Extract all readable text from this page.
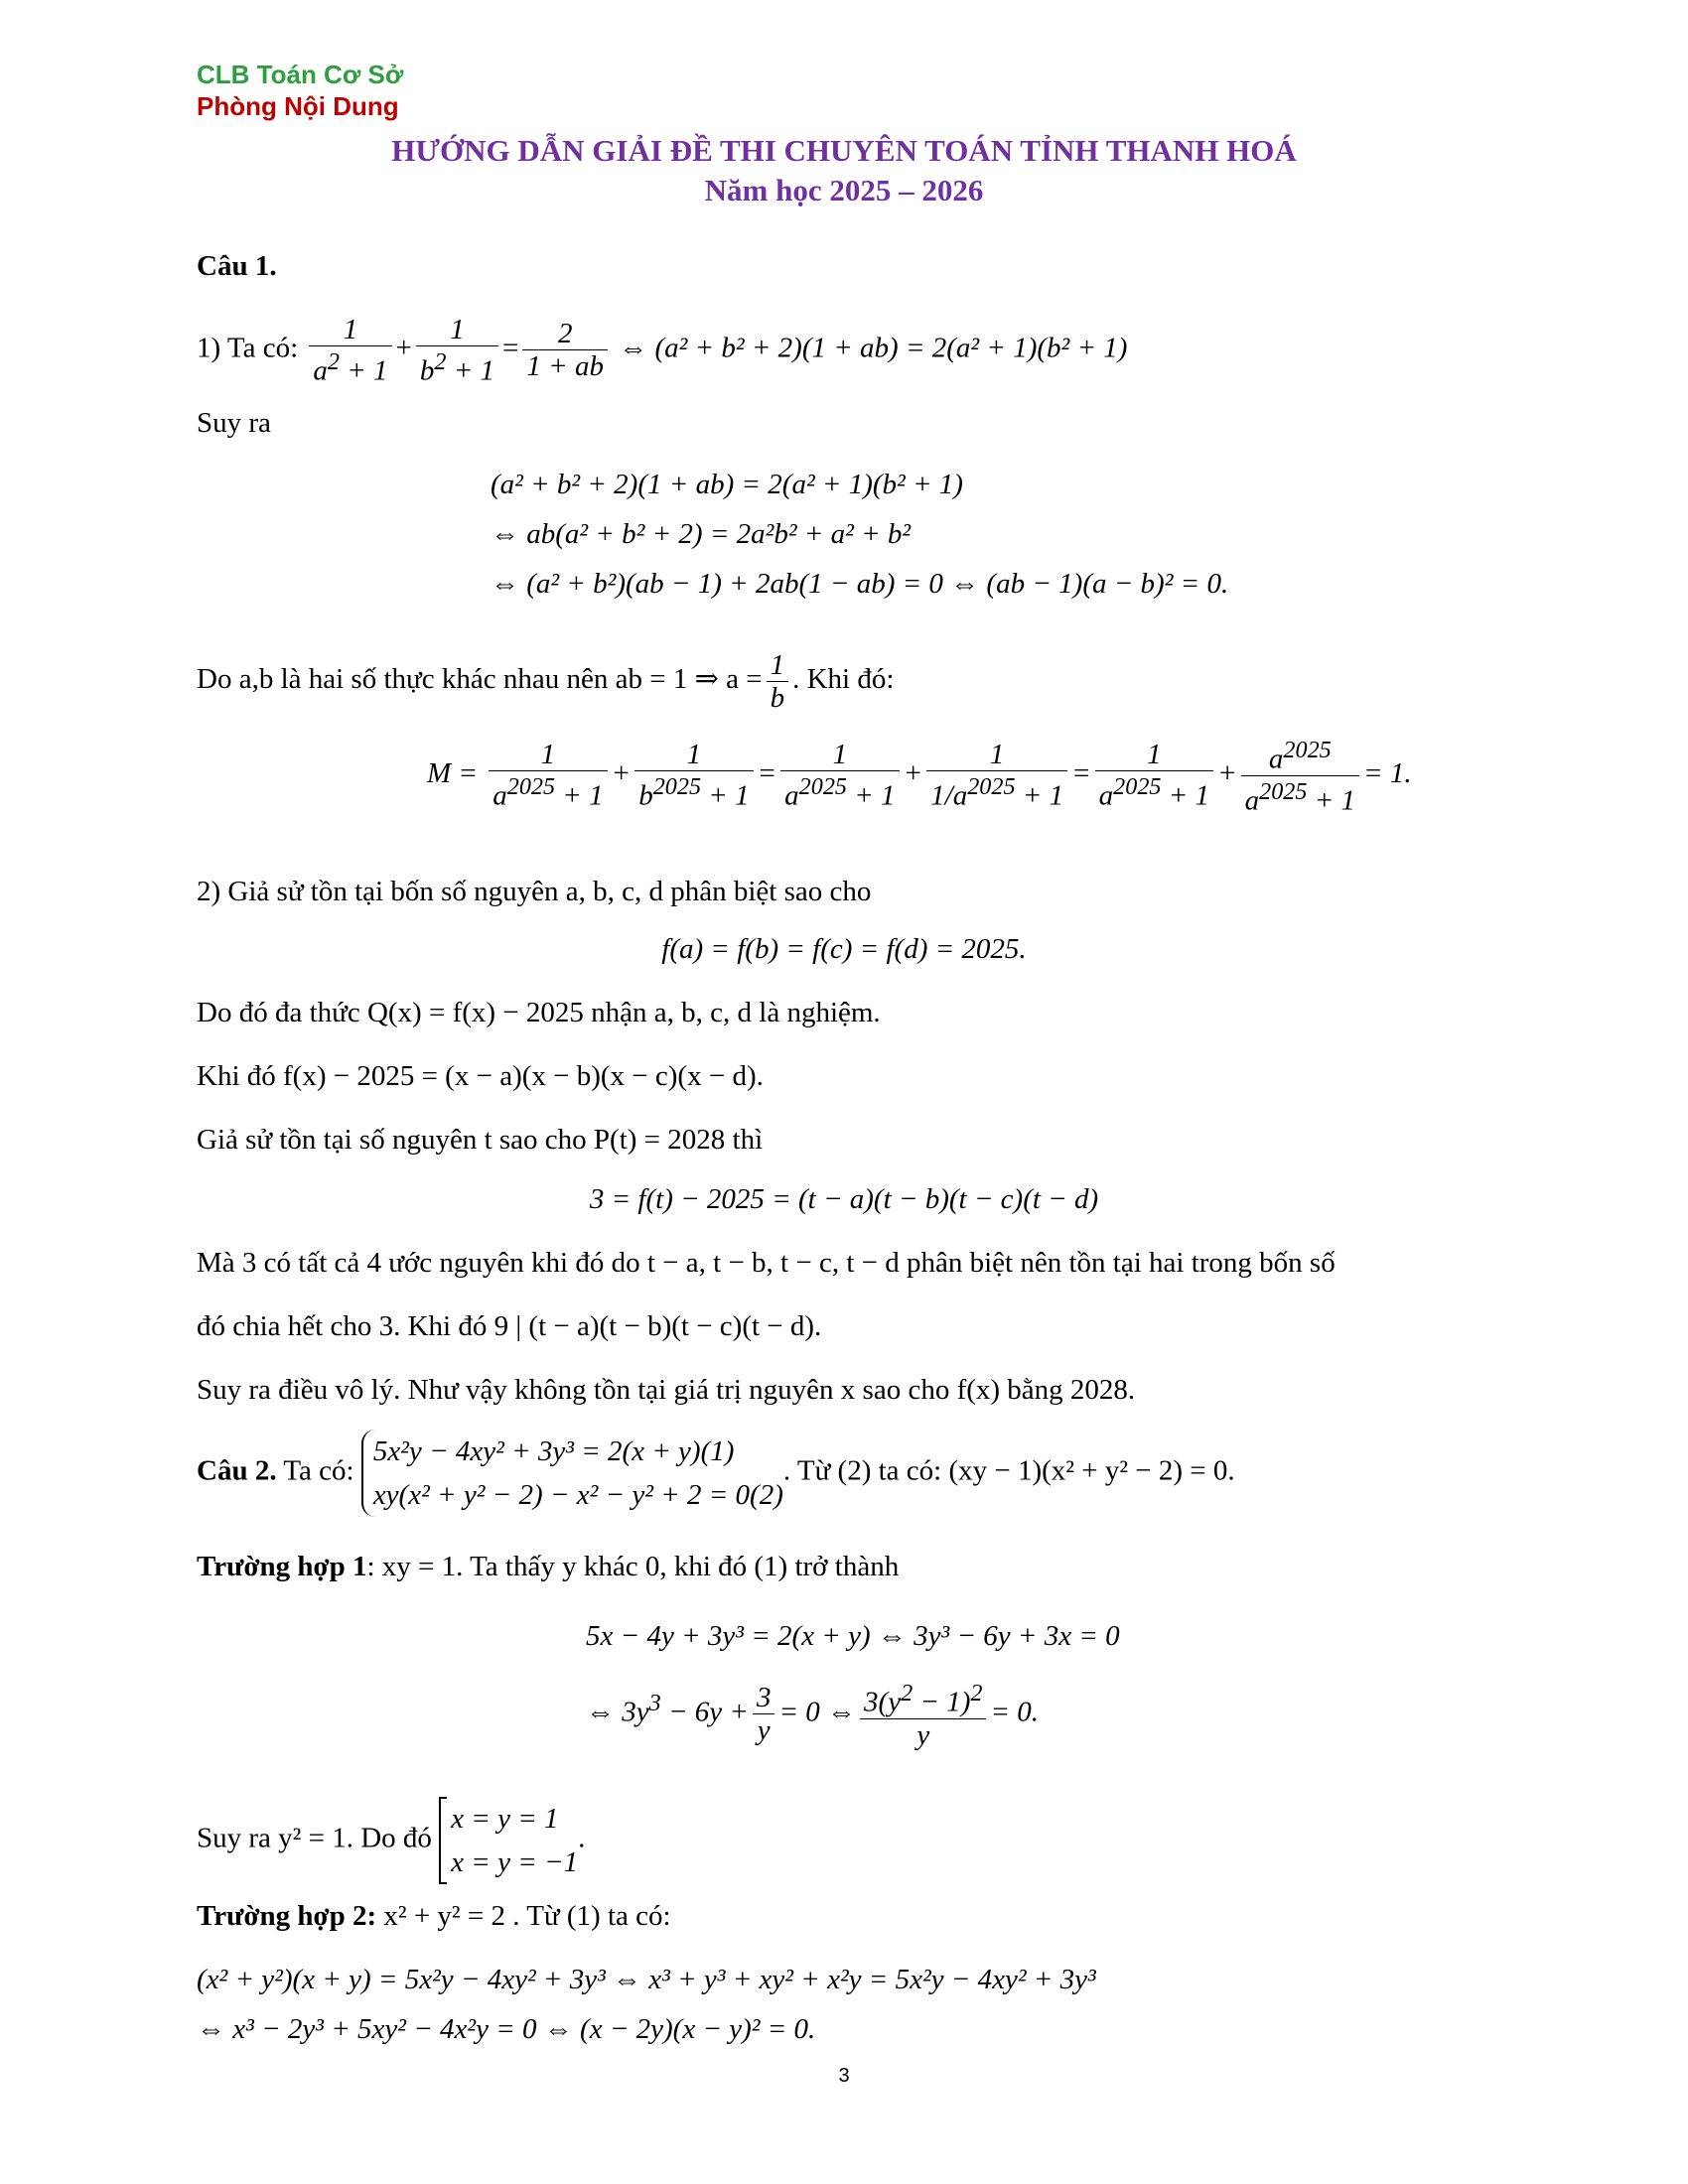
CLB Toán Cơ Sở
Phòng Nội Dung
HƯỚNG DẪN GIẢI ĐỀ THI CHUYÊN TOÁN TỈNH THANH HOÁ
Năm học 2025 – 2026
Câu 1.
1) Ta có: $\frac{1}{a^2 + 1} + \frac{1}{b^2 + 1} = \frac{2}{1 + ab}$ ⇔ (a² + b² + 2)(1 + ab) = 2(a² + 1)(b² + 1)
Suy ra
(a² + b² + 2)(1 + ab) = 2(a² + 1)(b² + 1)
⇔ ab(a² + b² + 2) = 2a²b² + a² + b²
⇔ (a² + b²)(ab − 1) + 2ab(1 − ab) = 0 ⇔ (ab − 1)(a − b)² = 0.
Do a,b là hai số thực khác nhau nên ab = 1 ⇒ $a = \frac{1}{b}$ . Khi đó:
$M = \frac{1}{a^{2025} + 1} + \frac{1}{b^{2025} + 1} = \frac{1}{a^{2025} + 1} + \frac{1}{1/a^{2025} + 1} = \frac{1}{a^{2025} + 1} + \frac{a^{2025}}{a^{2025} + 1} = 1$.
2) Giả sử tồn tại bốn số nguyên a, b, c, d phân biệt sao cho
f(a) = f(b) = f(c) = f(d) = 2025.
Do đó đa thức Q(x) = f(x) − 2025 nhận a, b, c, d là nghiệm.
Khi đó f(x) − 2025 = (x − a)(x − b)(x − c)(x − d).
Giả sử tồn tại số nguyên t sao cho P(t) = 2028 thì
3 = f(t) − 2025 = (t − a)(t − b)(t − c)(t − d)
Mà 3 có tất cả 4 ước nguyên khi đó do t − a, t − b, t − c, t − d phân biệt nên tồn tại hai trong bốn số
đó chia hết cho 3. Khi đó 9 | (t − a)(t − b)(t − c)(t − d).
Suy ra điều vô lý. Như vậy không tồn tại giá trị nguyên x sao cho f(x) bằng 2028.
Câu 2. Ta có:
5x²y − 4xy² + 3y³ = 2(x + y)(1)
xy(x² + y² − 2) − x² − y² + 2 = 0(2)
. Từ (2) ta có: (xy − 1)(x² + y² − 2) = 0.
Trường hợp 1: xy = 1. Ta thấy y khác 0, khi đó (1) trở thành
5x − 4y + 3y³ = 2(x + y) ⇔ 3y³ − 6y + 3x = 0
⇔ $3y^3 - 6y + \frac{3}{y} = 0$ ⇔ $\frac{3(y^2 - 1)^2}{y} = 0$.
Suy ra y² = 1. Do đó
x = y = 1
x = y = −1
.
Trường hợp 2: x² + y² = 2 . Từ (1) ta có:
(x² + y²)(x + y) = 5x²y − 4xy² + 3y³ ⇔ x³ + y³ + xy² + x²y = 5x²y − 4xy² + 3y³
⇔ x³ − 2y³ + 5xy² − 4x²y = 0 ⇔ (x − 2y)(x − y)² = 0.
3
